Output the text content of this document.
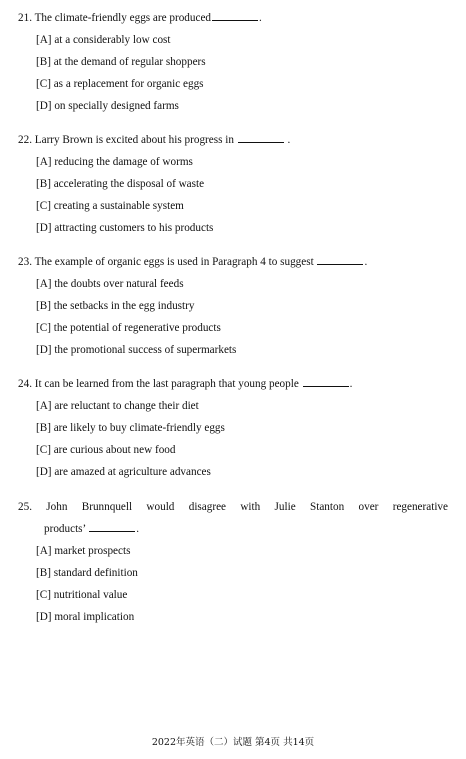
21. The climate-friendly eggs are produced	.
[A] at a considerably low cost
[B] at the demand of regular shoppers
[C] as a replacement for organic eggs
[D] on specially designed farms
22. Larry Brown is excited about his progress in	.
[A] reducing the damage of worms
[B] accelerating the disposal of waste
[C] creating a sustainable system
[D] attracting customers to his products
23. The example of organic eggs is used in Paragraph 4 to suggest	.
[A] the doubts over natural feeds
[B] the setbacks in the egg industry
[C] the potential of regenerative products
[D] the promotional success of supermarkets
24. It can be learned from the last paragraph that young people	.
[A] are reluctant to change their diet
[B] are likely to buy climate-friendly eggs
[C] are curious about new food
[D] are amazed at agriculture advances
25. John Brunnquell would disagree with Julie Stanton over regenerative
products’	.
[A] market prospects
[B] standard definition
[C] nutritional value
[D] moral implication
2022年英语（二）试题 第4页 共14页
